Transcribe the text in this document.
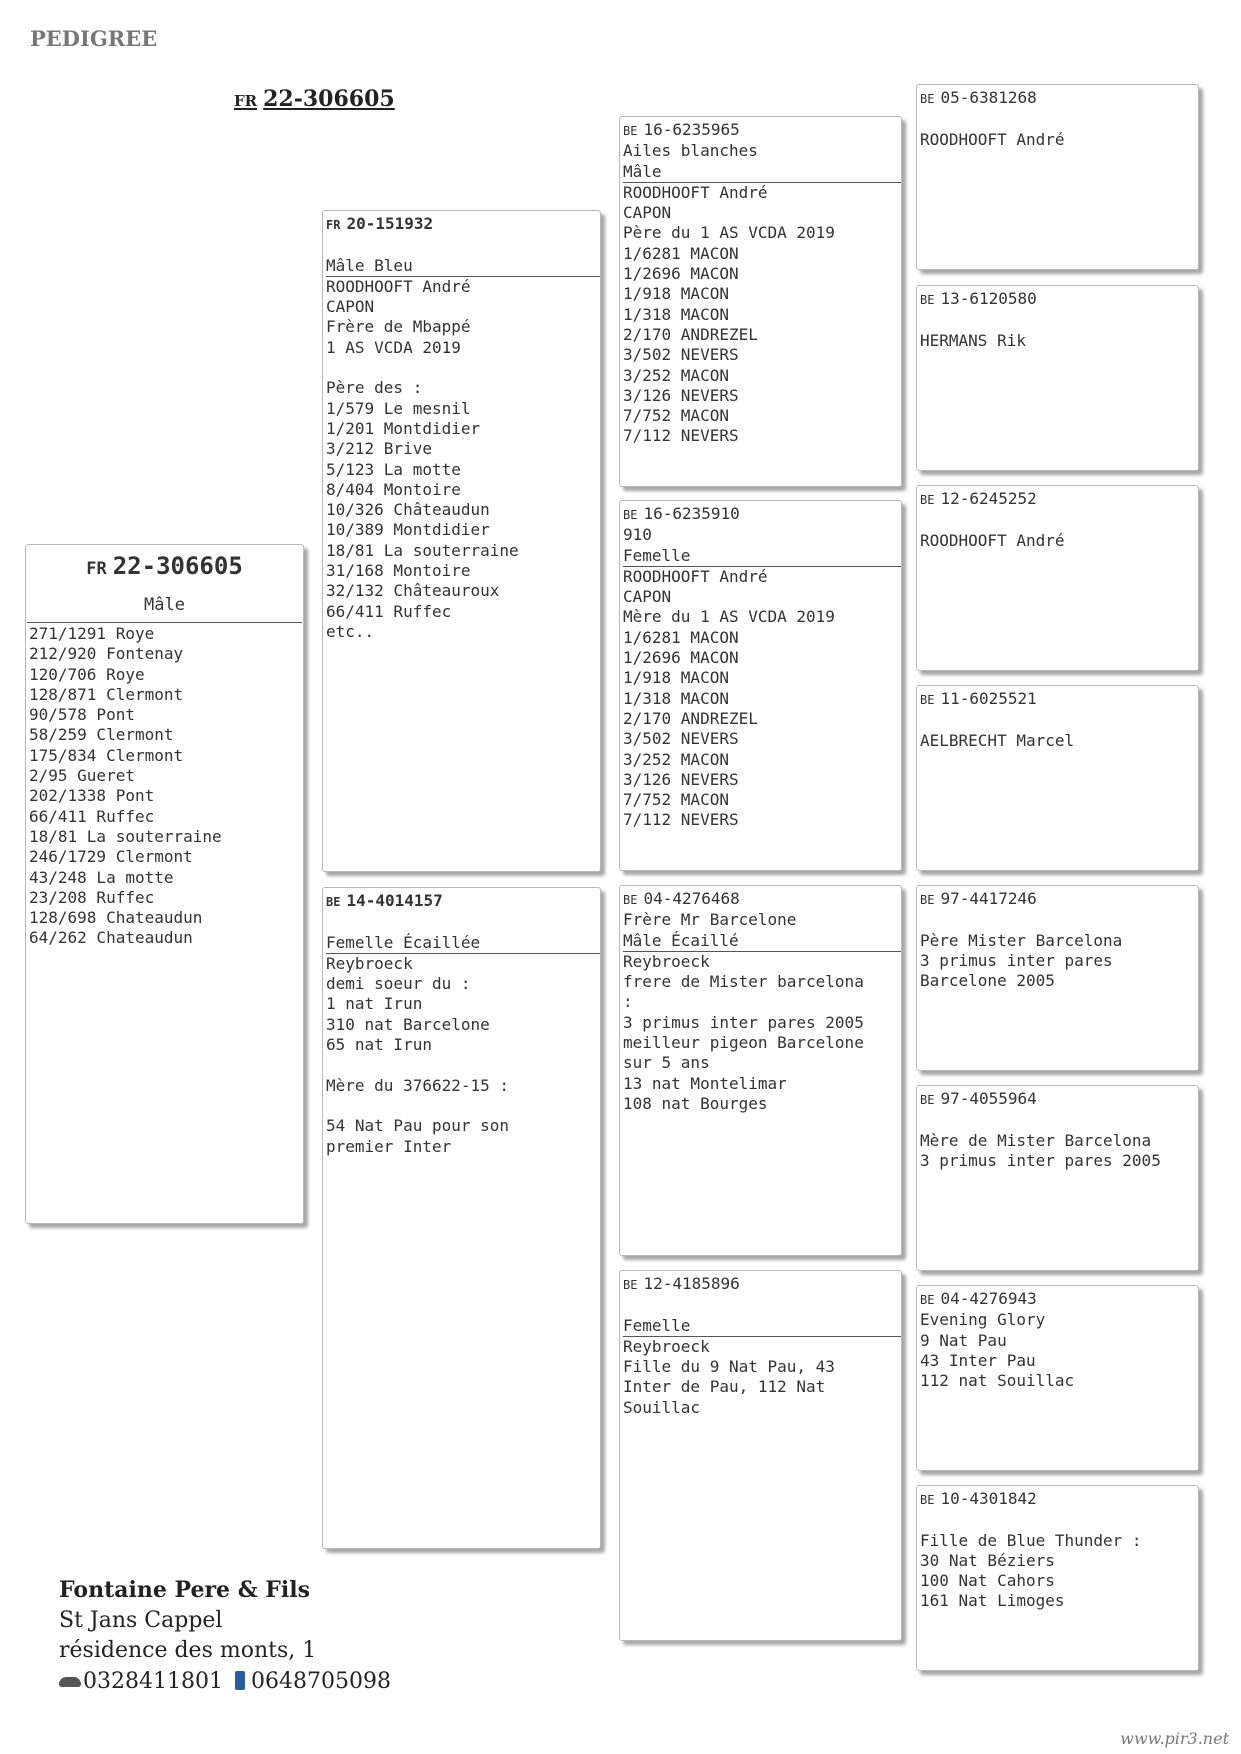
PEDIGREE
FR 22-306605
FR 22-306605
Mâle
271/1291 Roye
212/920 Fontenay
120/706 Roye
128/871 Clermont
90/578 Pont
58/259 Clermont
175/834 Clermont
2/95 Gueret
202/1338 Pont
66/411 Ruffec
18/81 La souterraine
246/1729 Clermont
43/248 La motte
23/208 Ruffec
128/698 Chateaudun
64/262 Chateaudun
FR 20-151932
Mâle Bleu
ROODHOOFT André
CAPON
Frère de Mbappé
1 AS VCDA 2019
Père des :
1/579 Le mesnil
1/201 Montdidier
3/212 Brive
5/123 La motte
8/404 Montoire
10/326 Châteaudun
10/389 Montdidier
18/81 La souterraine
31/168 Montoire
32/132 Châteauroux
66/411 Ruffec
etc..
BE 14-4014157
Femelle Écaillée
Reybroeck
demi soeur du :
1 nat Irun
310 nat Barcelone
65 nat Irun
Mère du 376622-15 :
54 Nat Pau pour son
premier Inter
BE 16-6235965
Ailes blanches
Mâle
ROODHOOFT André
CAPON
Père du 1 AS VCDA 2019
1/6281 MACON
1/2696 MACON
1/918 MACON
1/318 MACON
2/170 ANDREZEL
3/502 NEVERS
3/252 MACON
3/126 NEVERS
7/752 MACON
7/112 NEVERS
BE 16-6235910
910
Femelle
ROODHOOFT André
CAPON
Mère du 1 AS VCDA 2019
1/6281 MACON
1/2696 MACON
1/918 MACON
1/318 MACON
2/170 ANDREZEL
3/502 NEVERS
3/252 MACON
3/126 NEVERS
7/752 MACON
7/112 NEVERS
BE 04-4276468
Frère Mr Barcelone
Mâle Écaillé
Reybroeck
frere de Mister barcelona
:
3 primus inter pares 2005
meilleur pigeon Barcelone
sur 5 ans
13 nat Montelimar
108 nat Bourges
BE 12-4185896
Femelle
Reybroeck
Fille du 9 Nat Pau, 43
Inter de Pau, 112 Nat
Souillac
BE 05-6381268
ROODHOOFT André
BE 13-6120580
HERMANS Rik
BE 12-6245252
ROODHOOFT André
BE 11-6025521
AELBRECHT Marcel
BE 97-4417246
Père Mister Barcelona
3 primus inter pares
Barcelone 2005
BE 97-4055964
Mère de Mister Barcelona
3 primus inter pares 2005
BE 04-4276943
Evening Glory
9 Nat Pau
43 Inter Pau
112 nat Souillac
BE 10-4301842
Fille de Blue Thunder :
30 Nat Béziers
100 Nat Cahors
161 Nat Limoges
Fontaine Pere & Fils
St Jans Cappel
résidence des monts, 1
0328411801 0648705098
www.pir3.net
